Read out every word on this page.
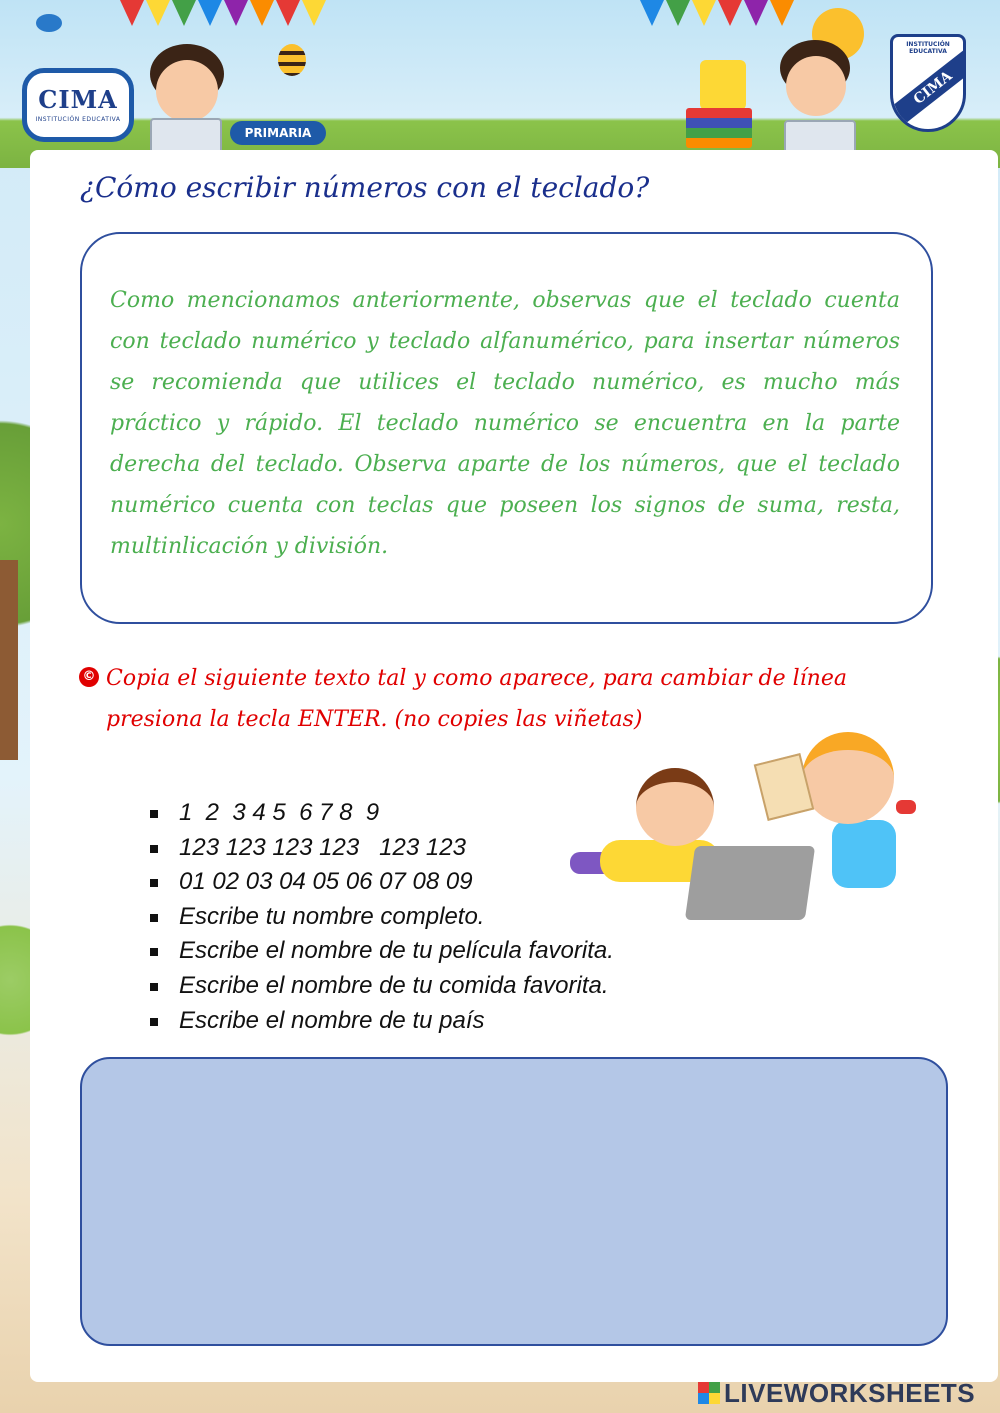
CIMA
INSTITUCIÓN EDUCATIVA
PRIMARIA
INSTITUCIÓN EDUCATIVA
CIMA
¿Cómo escribir números con el teclado?

Como mencionamos anteriormente, observas que el teclado cuenta con teclado numérico y teclado alfanumérico, para insertar números se recomienda que utilices el teclado numérico, es mucho más práctico y rápido. El teclado numérico se encuentra en la parte derecha del teclado. Observa aparte de los números, que el teclado numérico cuenta con teclas que poseen los signos de suma, resta, multinlicación y división.

© Copia el siguiente texto tal y como aparece, para cambiar de línea presiona la tecla ENTER. (no copies las viñetas)

1  2  3 4 5  6 7 8  9
123 123 123 123   123 123
01 02 03 04 05 06 07 08 09
Escribe tu nombre completo.
Escribe el nombre de tu película favorita.
Escribe el nombre de tu comida favorita.
Escribe el nombre de tu país
LIVEWORKSHEETS
